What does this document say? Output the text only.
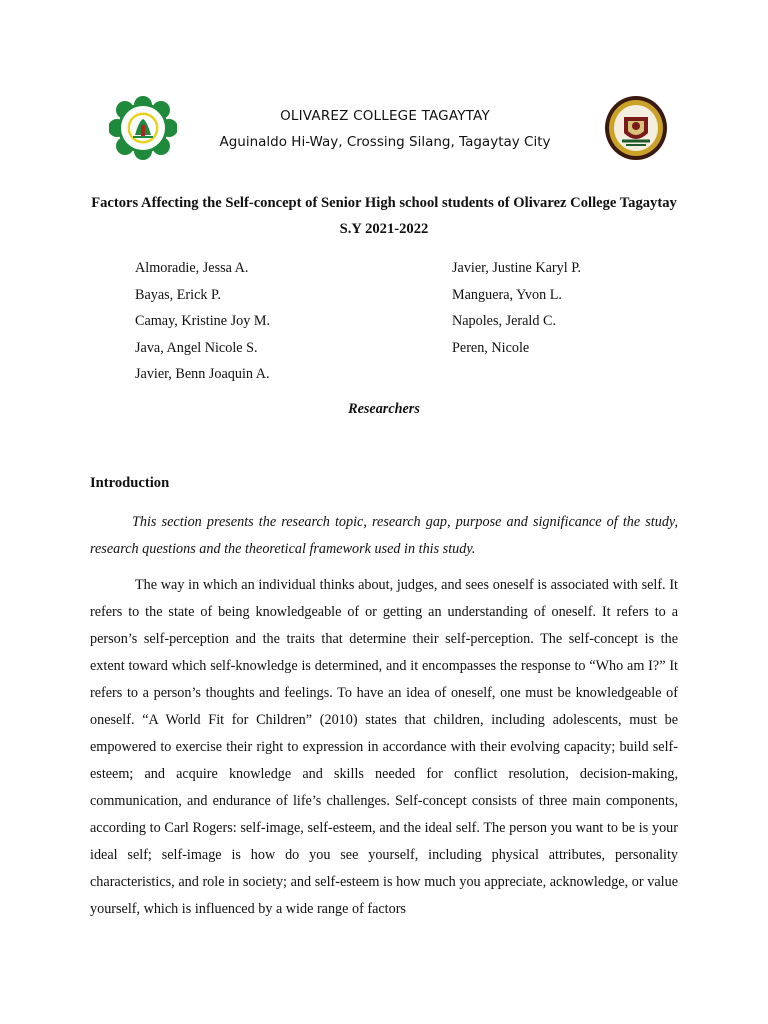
OLIVAREZ COLLEGE TAGAYTAY
Aguinaldo Hi-Way, Crossing Silang, Tagaytay City
Factors Affecting the Self-concept of Senior High school students of Olivarez College Tagaytay S.Y 2021-2022
Almoradie, Jessa A.
Bayas, Erick P.
Camay, Kristine Joy M.
Java, Angel Nicole S.
Javier, Benn Joaquin A.
Javier, Justine Karyl P.
Manguera, Yvon L.
Napoles, Jerald C.
Peren, Nicole
Researchers
Introduction

This section presents the research topic, research gap, purpose and significance of the study, research questions and the theoretical framework used in this study.

The way in which an individual thinks about, judges, and sees oneself is associated with self. It refers to the state of being knowledgeable of or getting an understanding of oneself. It refers to a person’s self-perception and the traits that determine their self-perception. The self-concept is the extent toward which self-knowledge is determined, and it encompasses the response to “Who am I?” It refers to a person’s thoughts and feelings. To have an idea of oneself, one must be knowledgeable of oneself. “A World Fit for Children” (2010) states that children, including adolescents, must be empowered to exercise their right to expression in accordance with their evolving capacity; build self-esteem; and acquire knowledge and skills needed for conflict resolution, decision-making, communication, and endurance of life’s challenges. Self-concept consists of three main components, according to Carl Rogers: self-image, self-esteem, and the ideal self. The person you want to be is your ideal self; self-image is how do you see yourself, including physical attributes, personality characteristics, and role in society; and self-esteem is how much you appreciate, acknowledge, or value yourself, which is influenced by a wide range of factors
